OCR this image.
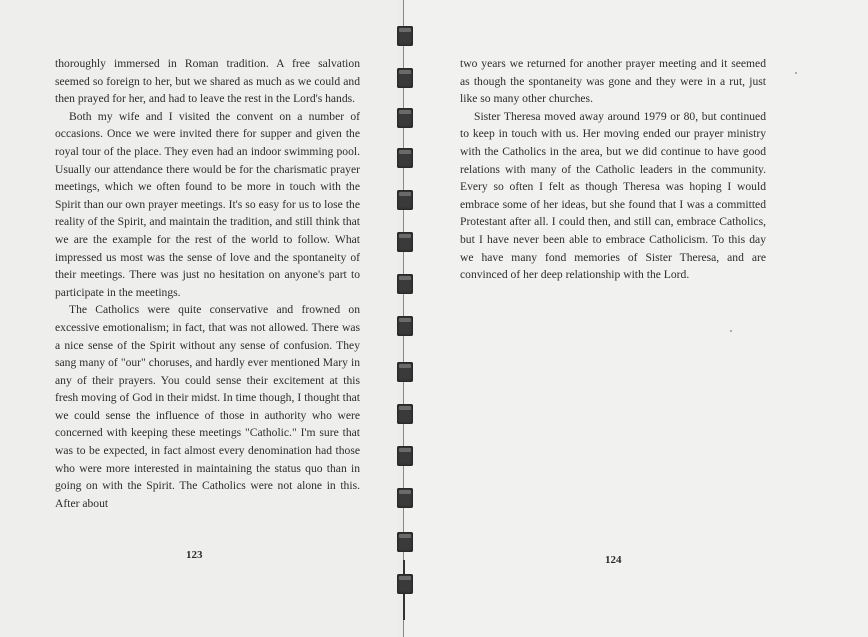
thoroughly immersed in Roman tradition. A free salvation seemed so foreign to her, but we shared as much as we could and then prayed for her, and had to leave the rest in the Lord's hands.

Both my wife and I visited the convent on a number of occasions. Once we were invited there for supper and given the royal tour of the place. They even had an indoor swimming pool. Usually our attendance there would be for the charismatic prayer meetings, which we often found to be more in touch with the Spirit than our own prayer meetings. It's so easy for us to lose the reality of the Spirit, and maintain the tradition, and still think that we are the example for the rest of the world to follow. What impressed us most was the sense of love and the spontaneity of their meetings. There was just no hesitation on anyone's part to participate in the meetings.

The Catholics were quite conservative and frowned on excessive emotionalism; in fact, that was not allowed. There was a nice sense of the Spirit without any sense of confusion. They sang many of "our" choruses, and hardly ever mentioned Mary in any of their prayers. You could sense their excitement at this fresh moving of God in their midst. In time though, I thought that we could sense the influence of those in authority who were concerned with keeping these meetings "Catholic." I'm sure that was to be expected, in fact almost every denomination had those who were more interested in maintaining the status quo than in going on with the Spirit. The Catholics were not alone in this. After about

two years we returned for another prayer meeting and it seemed as though the spontaneity was gone and they were in a rut, just like so many other churches.

Sister Theresa moved away around 1979 or 80, but continued to keep in touch with us. Her moving ended our prayer ministry with the Catholics in the area, but we did continue to have good relations with many of the Catholic leaders in the community. Every so often I felt as though Theresa was hoping I would embrace some of her ideas, but she found that I was a committed Protestant after all. I could then, and still can, embrace Catholics, but I have never been able to embrace Catholicism. To this day we have many fond memories of Sister Theresa, and are convinced of her deep relationship with the Lord.

123	124
